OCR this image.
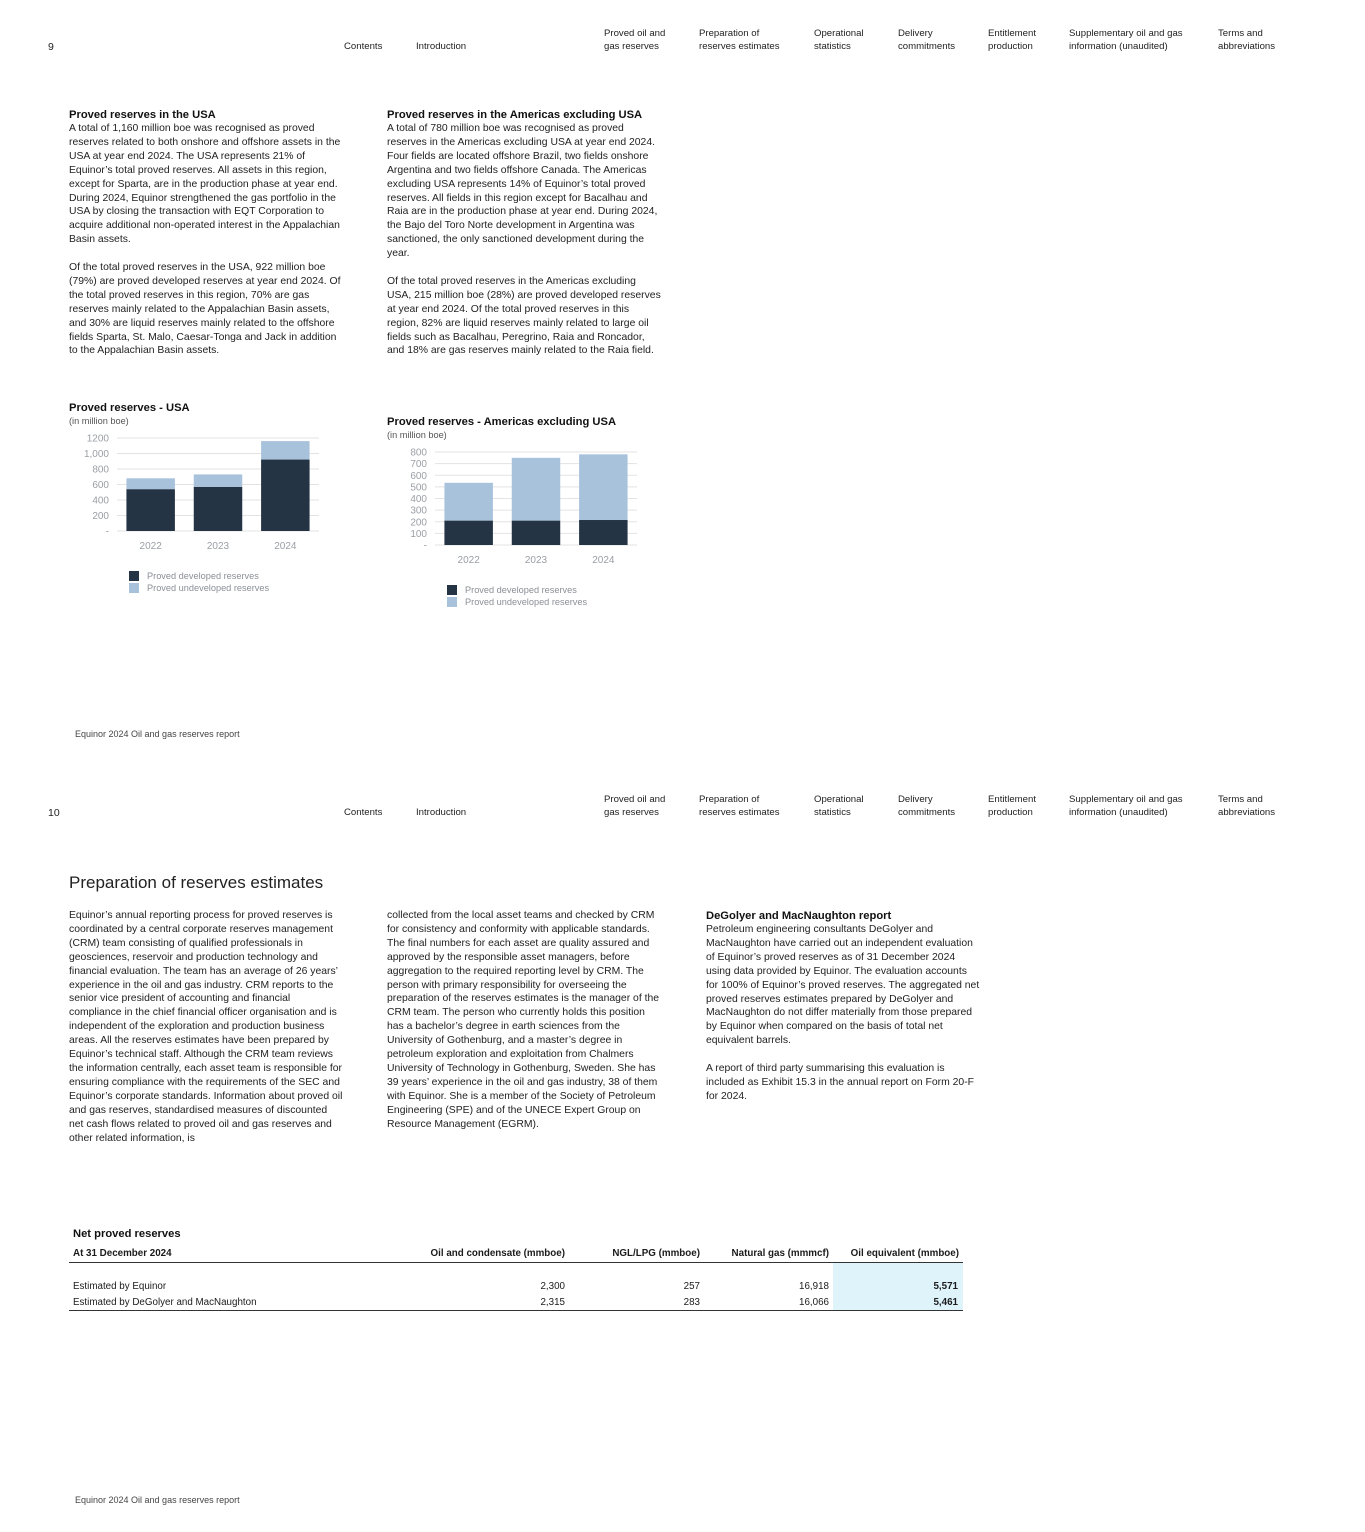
9	Contents	Introduction
Proved oil and
gas reserves
Preparation of
reserves estimates
Operational
statistics
Delivery
commitments
Entitlement
production
Supplementary oil and gas
information (unaudited)
Terms and
abbreviations
Proved reserves in the USA

A total of 1,160 million boe was recognised as proved reserves related to both onshore and offshore assets in the USA at year end 2024. The USA represents 21% of Equinor’s total proved reserves. All assets in this region, except for Sparta, are in the production phase at year end. During 2024, Equinor strengthened the gas portfolio in the USA by closing the transaction with EQT Corporation to acquire additional non-operated interest in the Appalachian Basin assets.

Of the total proved reserves in the USA, 922 million boe (79%) are proved developed reserves at year end 2024. Of the total proved reserves in this region, 70% are gas reserves mainly related to the Appalachian Basin assets, and 30% are liquid reserves mainly related to the offshore fields Sparta, St. Malo, Caesar-Tonga and Jack in addition to the Appalachian Basin assets.

Proved reserves in the Americas excluding USA

A total of 780 million boe was recognised as proved reserves in the Americas excluding USA at year end 2024. Four fields are located offshore Brazil, two fields onshore Argentina and two fields offshore Canada. The Americas excluding USA represents 14% of Equinor’s total proved reserves. All fields in this region except for Bacalhau and Raia are in the production phase at year end. During 2024, the Bajo del Toro Norte development in Argentina was sanctioned, the only sanctioned development during the year.

Of the total proved reserves in the Americas excluding USA, 215 million boe (28%) are proved developed reserves at year end 2024. Of the total proved reserves in this region, 82% are liquid reserves mainly related to large oil fields such as Bacalhau, Peregrino, Raia and Roncador, and 18% are gas reserves mainly related to the Raia field.

Proved reserves - USA
(in million boe)
-
200
400
600
800
1,000
1200
2022	2023	2024
Proved developed reserves
Proved undeveloped reserves
Proved reserves - Americas excluding USA
(in million boe)
-
100
200
300
400
500
600
700
800
2022	2023	2024
Proved developed reserves
Proved undeveloped reserves
Equinor 2024 Oil and gas reserves report
10	Contents	Introduction
Proved oil and
gas reserves
Preparation of
reserves estimates
Operational
statistics
Delivery
commitments
Entitlement
production
Supplementary oil and gas
information (unaudited)
Terms and
abbreviations
Preparation of reserves estimates

Equinor’s annual reporting process for proved reserves is coordinated by a central corporate reserves management (CRM) team consisting of qualified professionals in geosciences, reservoir and production technology and financial evaluation. The team has an average of 26 years’ experience in the oil and gas industry. CRM reports to the senior vice president of accounting and financial compliance in the chief financial officer organisation and is independent of the exploration and production business areas. All the reserves estimates have been prepared by Equinor’s technical staff. Although the CRM team reviews the information centrally, each asset team is responsible for ensuring compliance with the requirements of the SEC and Equinor’s corporate standards. Information about proved oil and gas reserves, standardised measures of discounted net cash flows related to proved oil and gas reserves and other related information, is

collected from the local asset teams and checked by CRM for consistency and conformity with applicable standards. The final numbers for each asset are quality assured and approved by the responsible asset managers, before aggregation to the required reporting level by CRM. The person with primary responsibility for overseeing the preparation of the reserves estimates is the manager of the CRM team. The person who currently holds this position has a bachelor’s degree in earth sciences from the University of Gothenburg, and a master’s degree in petroleum exploration and exploitation from Chalmers University of Technology in Gothenburg, Sweden. She has 39 years’ experience in the oil and gas industry, 38 of them with Equinor. She is a member of the Society of Petroleum Engineering (SPE) and of the UNECE Expert Group on Resource Management (EGRM).

DeGolyer and MacNaughton report

Petroleum engineering consultants DeGolyer and MacNaughton have carried out an independent evaluation of Equinor’s proved reserves as of 31 December 2024 using data provided by Equinor. The evaluation accounts for 100% of Equinor’s proved reserves. The aggregated net proved reserves estimates prepared by DeGolyer and MacNaughton do not differ materially from those prepared by Equinor when compared on the basis of total net equivalent barrels.

A report of third party summarising this evaluation is included as Exhibit 15.3 in the annual report on Form 20-F for 2024.

Net proved reserves
At 31 December 2024	Oil and condensate (mmboe)	NGL/LPG (mmboe)	Natural gas (mmmcf)	Oil equivalent (mmboe)

Estimated by Equinor	2,300	257	16,918	5,571
Estimated by DeGolyer and MacNaughton	2,315	283	16,066	5,461
Equinor 2024 Oil and gas reserves report
